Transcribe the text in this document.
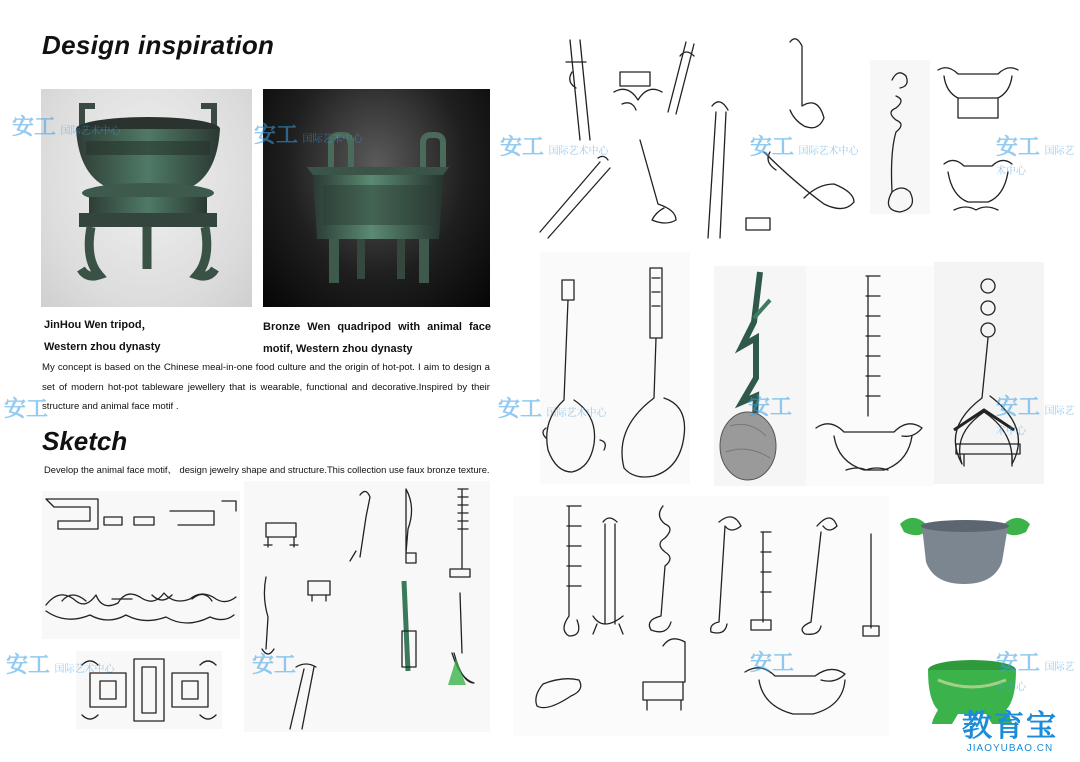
Design inspiration
Sketch
JinHou Wen tripod，
Western zhou dynasty
Bronze Wen quadripod with animal face
motif, Western zhou dynasty
My concept is based on the Chinese meal-in-one food culture and the origin of hot-pot. I aim to design a set of modern hot-pot tableware jewellery that is wearable, functional and decorative.Inspired by their structure and animal face motif .
Develop the animal face motif、 design jewelry shape and structure.This collection use faux bronze texture.
安工 国际艺术中心	安工 国际艺术中心	安工 国际艺术中心	安工 国际艺术中心	安工 国际艺术中心
安工	安工 国际艺术中心	安工	安工 国际艺术中心
安工 国际艺术中心	安工	安工	安工 国际艺术中心
教育宝
JIAOYUBAO.CN
